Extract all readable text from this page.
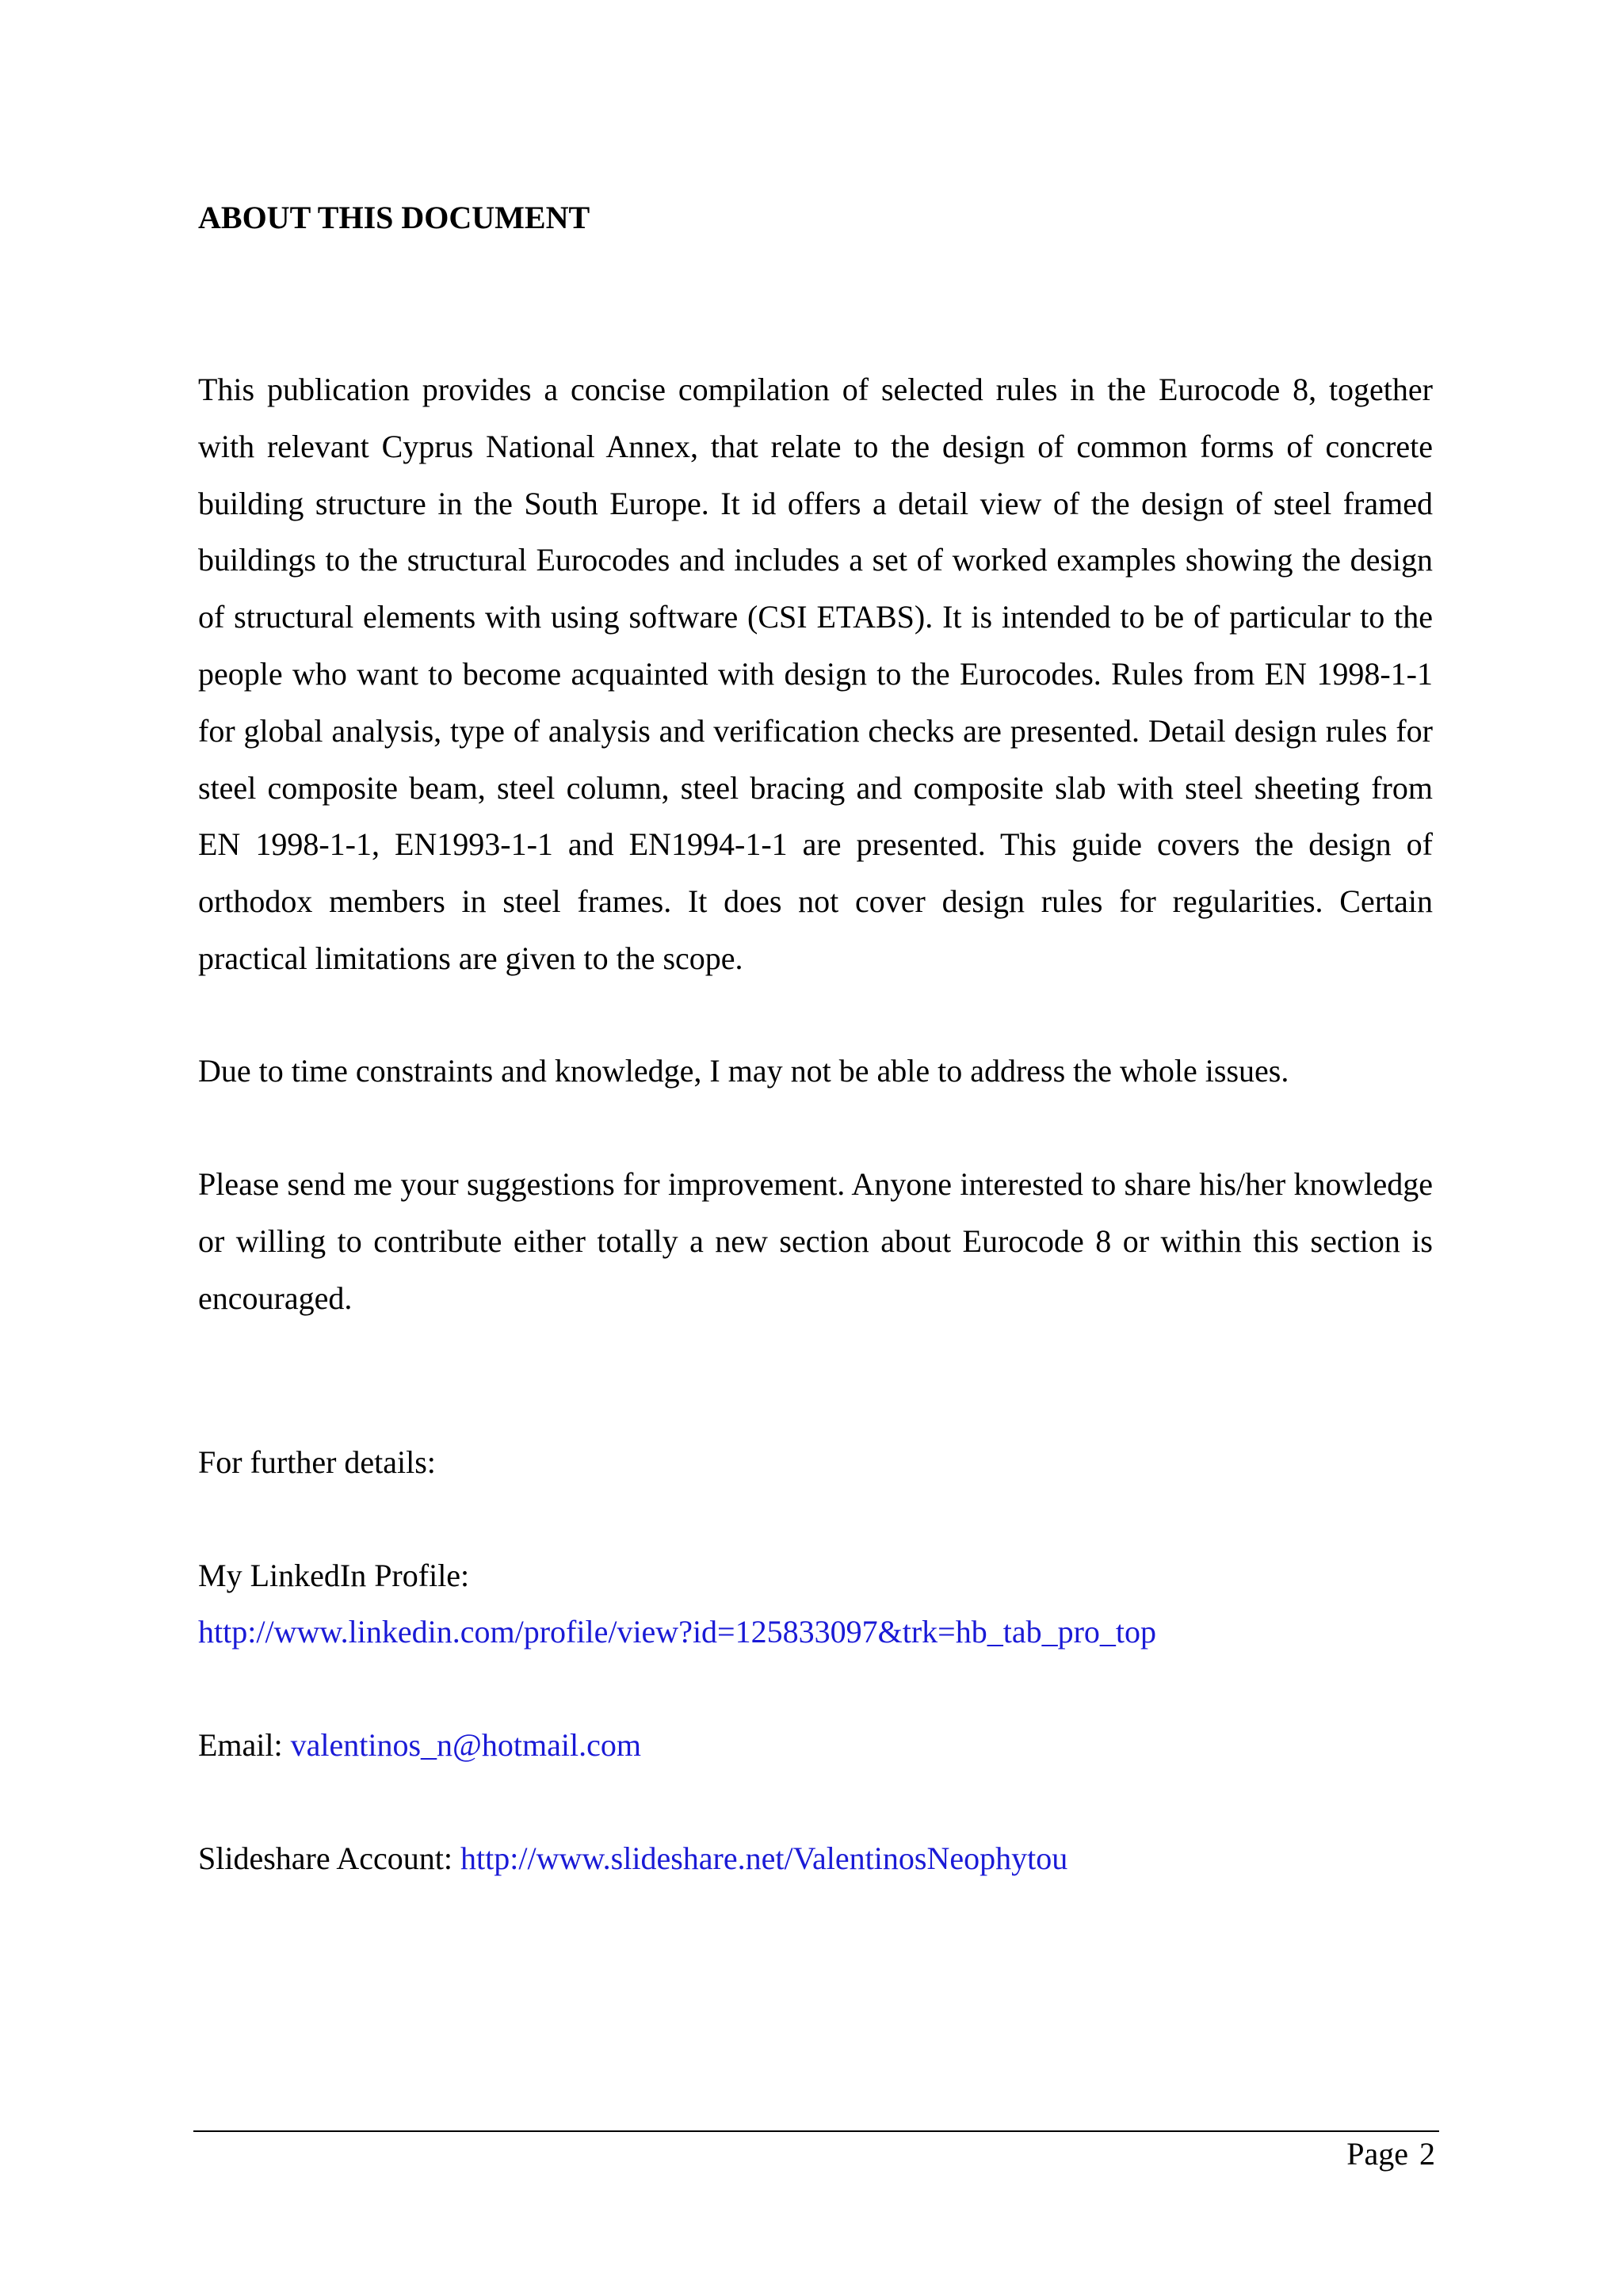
ABOUT THIS DOCUMENT
This publication provides a concise compilation of selected rules in the Eurocode 8, together with relevant Cyprus National Annex, that relate to the design of common forms of concrete building structure in the South Europe. It id offers a detail view of the design of steel framed buildings to the structural Eurocodes and includes a set of worked examples showing the design of structural elements with using software (CSI ETABS). It is intended to be of particular to the people who want to become acquainted with design to the Eurocodes. Rules from EN 1998-1-1 for global analysis, type of analysis and verification checks are presented. Detail design rules for steel composite beam, steel column, steel bracing and composite slab with steel sheeting from EN 1998-1-1, EN1993-1-1 and EN1994-1-1 are presented. This guide covers the design of orthodox members in steel frames. It does not cover design rules for regularities. Certain practical limitations are given to the scope.
Due to time constraints and knowledge, I may not be able to address the whole issues.
Please send me your suggestions for improvement. Anyone interested to share his/her knowledge or willing to contribute either totally a new section about Eurocode 8 or within this section is encouraged.
For further details:
My LinkedIn Profile:
http://www.linkedin.com/profile/view?id=125833097&trk=hb_tab_pro_top
Email: valentinos_n@hotmail.com
Slideshare Account: http://www.slideshare.net/ValentinosNeophytou
Page 2
